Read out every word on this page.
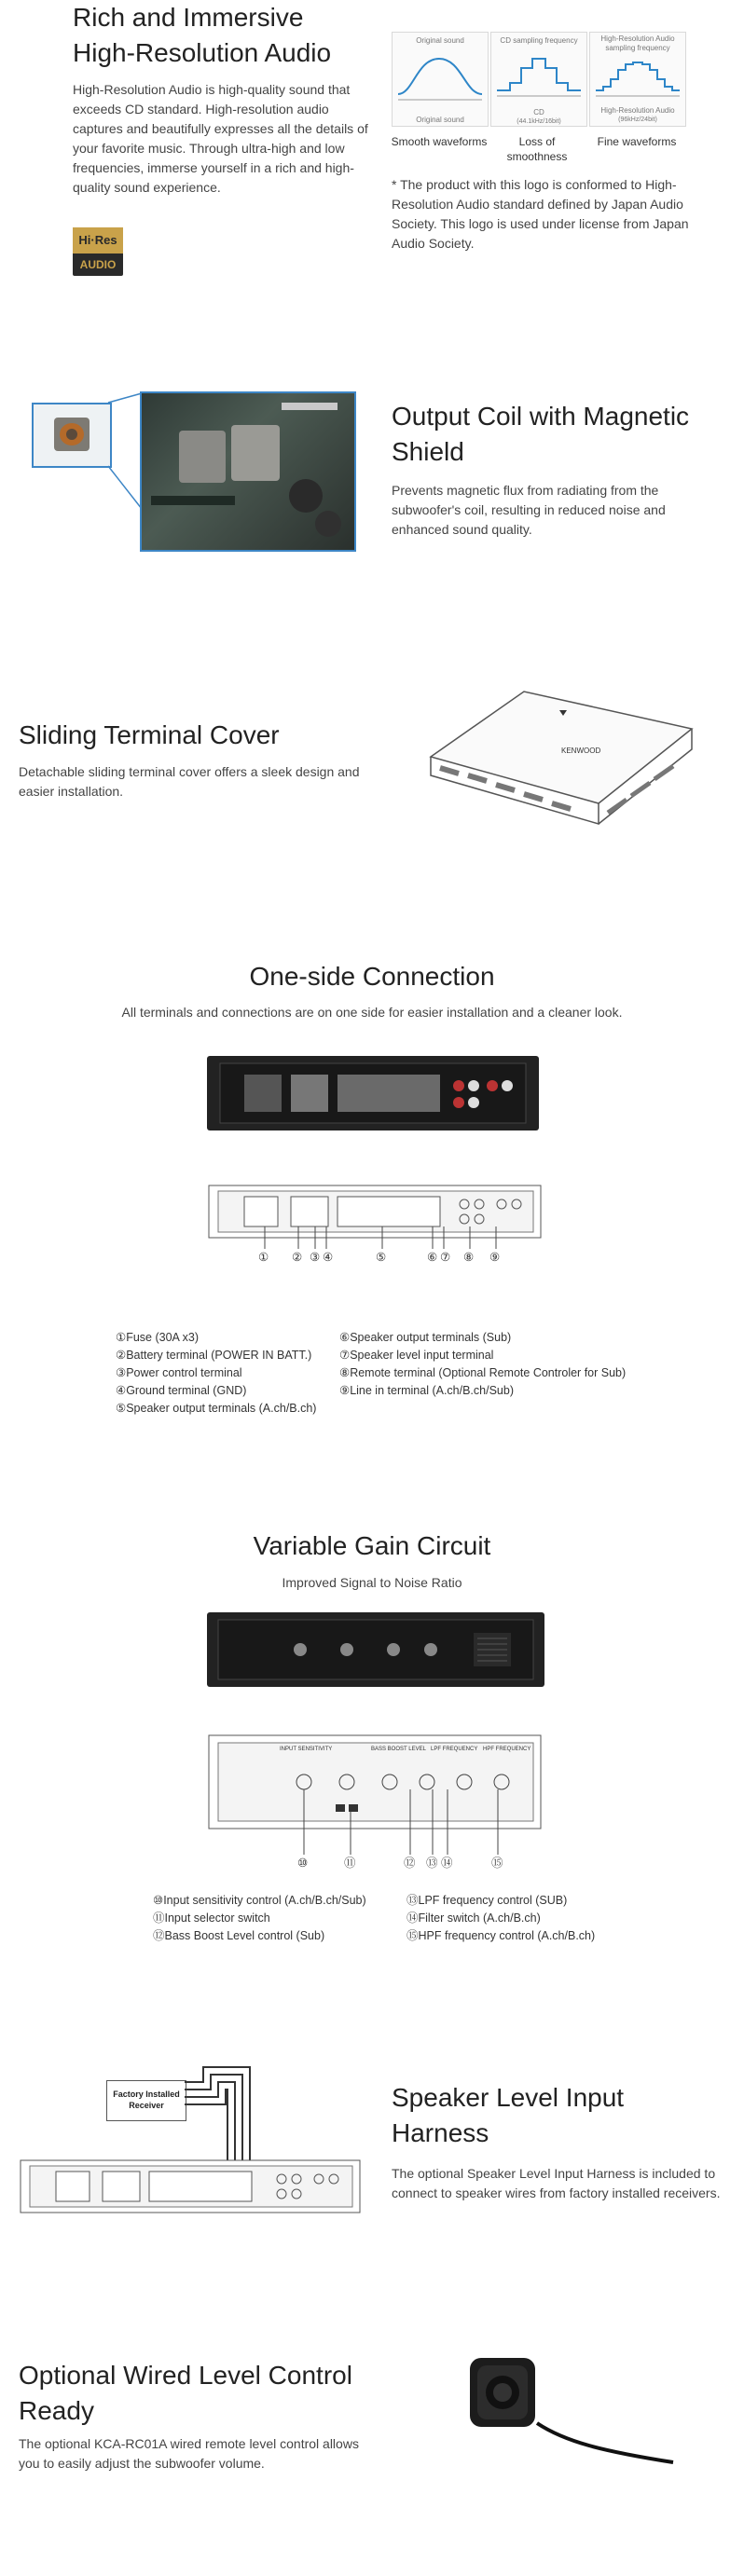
Rich and Immersive
High-Resolution Audio

High-Resolution Audio is high-quality sound that exceeds CD standard. High-resolution audio captures and beautifully expresses all the details of your favorite music. Through ultra-high and low frequencies, immerse yourself in a rich and high-quality sound experience.

Hi·Res
AUDIO
Original sound
Original sound
CD sampling frequency
CD
(44.1kHz/16bit)
High-Resolution Audio sampling frequency
High-Resolution Audio
(96kHz/24bit)
Smooth waveforms	Loss of smoothness
Fine waveforms

* The product with this logo is conformed to High-Resolution Audio standard defined by Japan Audio Society. This logo is used under license from Japan Audio Society.

Output Coil with Magnetic
Shield

Prevents magnetic flux from radiating from the subwoofer's coil, resulting in reduced noise and enhanced sound quality.

Sliding Terminal Cover

Detachable sliding terminal cover offers a sleek design and easier installation.

KENWOOD
One-side Connection

All terminals and connections are on one side for easier installation and a cleaner look.

① ② ③ ④	⑤	⑥ ⑦ ⑧ ⑨
①Fuse (30A x3)
②Battery terminal (POWER IN BATT.)
③Power control terminal
④Ground terminal (GND)
⑤Speaker output terminals (A.ch/B.ch)
⑥Speaker output terminals (Sub)
⑦Speaker level input terminal
⑧Remote terminal (Optional Remote Controler for Sub)
⑨Line in terminal (A.ch/B.ch/Sub)
Variable Gain Circuit

Improved Signal to Noise Ratio

INPUT SENSITIVITY	BASS BOOST LEVEL LPF FREQUENCY HPF FREQUENCY
⑩	⑪	⑫ ⑬ ⑭	⑮
⑩Input sensitivity control (A.ch/B.ch/Sub)
⑪Input selector switch
⑫Bass Boost Level control (Sub)
⑬LPF frequency control (SUB)
⑭Filter switch (A.ch/B.ch)
⑮HPF frequency control (A.ch/B.ch)
Factory Installed
Receiver	Speaker Level Input
Harness

The optional Speaker Level Input Harness is included to connect to speaker wires from factory installed receivers.

Optional Wired Level Control
Ready

The optional KCA-RC01A wired remote level control allows you to easily adjust the subwoofer volume.
